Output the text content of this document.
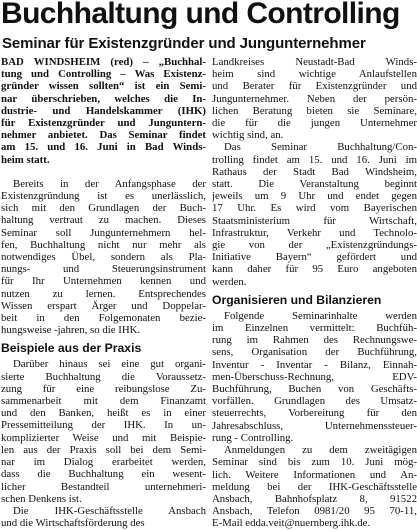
Buchhaltung und Controlling
Seminar für Existenzgründer und Jungunternehmer
BAD WINDSHEIM (red) – „Buchhal-
tung und Controlling – Was Existenz-
gründer wissen sollten“ ist ein Semi-
nar überschrieben, welches die In-
dustrie- und Handelskammer (IHK)
für Existenzgründer und Junguntern-
nehmer anbietet. Das Seminar findet
am 15. und 16. Juni in Bad Winds-
heim statt.
Bereits in der Anfangsphase der
Existenzgründung ist es unerlässlich,
sich mit den Grundlagen der Buch-
haltung vertraut zu machen. Dieses
Seminar soll Jungunternehmern hel-
fen, Buchhaltung nicht nur mehr als
notwendiges Übel, sondern als Pla-
nungs- und Steuerungsinstrument
für Ihr Unternehmen kennen und
nutzen zu lernen. Entsprechendes
Wissen erspart Ärger und Doppelar-
beit in den Folgemonaten bezie-
hungsweise -jahren, so die IHK.
Beispiele aus der Praxis
Darüber hinaus sei eine gut organi-
sierte Buchhaltung die Voraussetz-
zung für eine reibungslose Zu-
sammenarbeit mit dem Finanzamt
und den Banken, heißt es in einer
Pressemitteilung der IHK. In un-
komplizierter Weise und mit Beispie-
len aus der Praxis soll bei dem Semi-
nar im Dialog erarbeitet werden,
dass die Buchhaltung ein wesent-
licher Bestandteil unternehmeri-
schen Denkens ist.
Die IHK-Geschäftsstelle Ansbach
und die Wirtschaftsförderung des
Landkreises Neustadt-Bad Winds-
heim sind wichtige Anlaufstellen
und Berater für Existenzgründer und
Jungunternehmer. Neben der persön-
lichen Beratung bieten sie Seminare,
die für die jungen Unternehmer
wichtig sind, an.
Das Seminar Buchhaltung/Con-
trolling findet am 15. und 16. Juni im
Rathaus der Stadt Bad Windsheim,
statt. Die Veranstaltung beginnt
jeweils um 9 Uhr und endet gegen
17 Uhr. Es wird vom Bayerischen
Staatsministerium für Wirtschaft,
Infrastruktur, Verkehr und Technolo-
gie von der „Existenzgründungs-
Initiative Bayern“ gefördert und
kann daher für 95 Euro angeboten
werden.
Organisieren und Bilanzieren
Folgende Seminarinhalte werden
im Einzelnen vermittelt: Buchfüh-
rung im Rahmen des Rechnungswe-
sens, Organisation der Buchführung,
Inventur - Inventar - Bilanz, Einnah-
men-Überschuss-Rechnung, EDV-
Buchführung, Buchen von Geschäfts-
vorfällen. Grundlagen des Umsatz-
steuerrechts, Vorbereitung für den
Jahresabschluss, Unternehmenssteuer-
rung - Controlling.
Anmeldungen zu dem zweitägigen
Seminar sind bis zum 10. Juni mög-
lich. Weitere Informationen und An-
meldung bei der IHK-Geschäftsstelle
Ansbach, Bahnhofsplatz 8, 91522
Ansbach, Telefon 0981/20 95 70-11,
E-Mail edda.veit@nuernberg.ihk.de.
